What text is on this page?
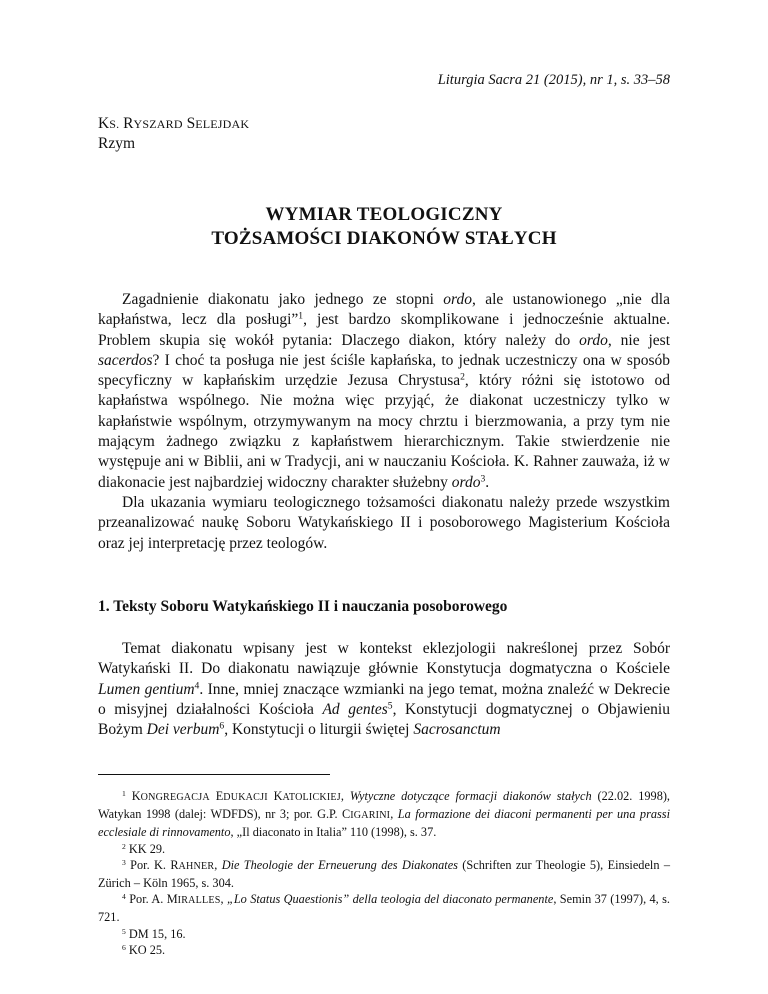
Liturgia Sacra 21 (2015), nr 1, s. 33–58
KS. RYSZARD SELEJDAK
Rzym
WYMIAR TEOLOGICZNY
TOŻSAMOŚCI DIAKONÓW STAŁYCH

Zagadnienie diakonatu jako jednego ze stopni ordo, ale ustanowionego „nie dla kapłaństwa, lecz dla posługi”$^1$, jest bardzo skomplikowane i jednocześnie aktualne. Problem skupia się wokół pytania: Dlaczego diakon, który należy do ordo, nie jest sacerdos? I choć ta posługa nie jest ściśle kapłańska, to jednak uczestniczy ona w sposób specyficzny w kapłańskim urzędzie Jezusa Chrystusa$^2$, który różni się istotowo od kapłaństwa wspólnego. Nie można więc przyjąć, że diakonat uczestniczy tylko w kapłaństwie wspólnym, otrzymywanym na mocy chrztu i bierzmowania, a przy tym nie mającym żadnego związku z kapłaństwem hierarchicznym. Takie stwierdzenie nie występuje ani w Biblii, ani w Tradycji, ani w nauczaniu Kościoła. K. Rahner zauważa, iż w diakonacie jest najbardziej widoczny charakter służebny ordo$^3$.

Dla ukazania wymiaru teologicznego tożsamości diakonatu należy przede wszystkim przeanalizować naukę Soboru Watykańskiego II i posoborowego Magisterium Kościoła oraz jej interpretację przez teologów.

1. Teksty Soboru Watykańskiego II i nauczania posoborowego

Temat diakonatu wpisany jest w kontekst eklezjologii nakreślonej przez Sobór Watykański II. Do diakonatu nawiązuje głównie Konstytucja dogmatyczna o Kościele Lumen gentium$^4$. Inne, mniej znaczące wzmianki na jego temat, można znaleźć w Dekrecie o misyjnej działalności Kościoła Ad gentes$^5$, Konstytucji dogmatycznej o Objawieniu Bożym Dei verbum$^6$, Konstytucji o liturgii świętej Sacrosanctum

$^1$ KONGREGACJA EDUKACJI KATOLICKIEJ, Wytyczne dotyczące formacji diakonów stałych (22.02. 1998), Watykan 1998 (dalej: WDFDS), nr 3; por. G.P. CIGARINI, La formazione dei diaconi permanenti per una prassi ecclesiale di rinnovamento, „Il diaconato in Italia” 110 (1998), s. 37.

$^2$ KK 29.

$^3$ Por. K. RAHNER, Die Theologie der Erneuerung des Diakonates (Schriften zur Theologie 5), Einsiedeln – Zürich – Köln 1965, s. 304.

$^4$ Por. A. MIRALLES, „Lo Status Quaestionis” della teologia del diaconato permanente, Semin 37 (1997), 4, s. 721.

$^5$ DM 15, 16.

$^6$ KO 25.
